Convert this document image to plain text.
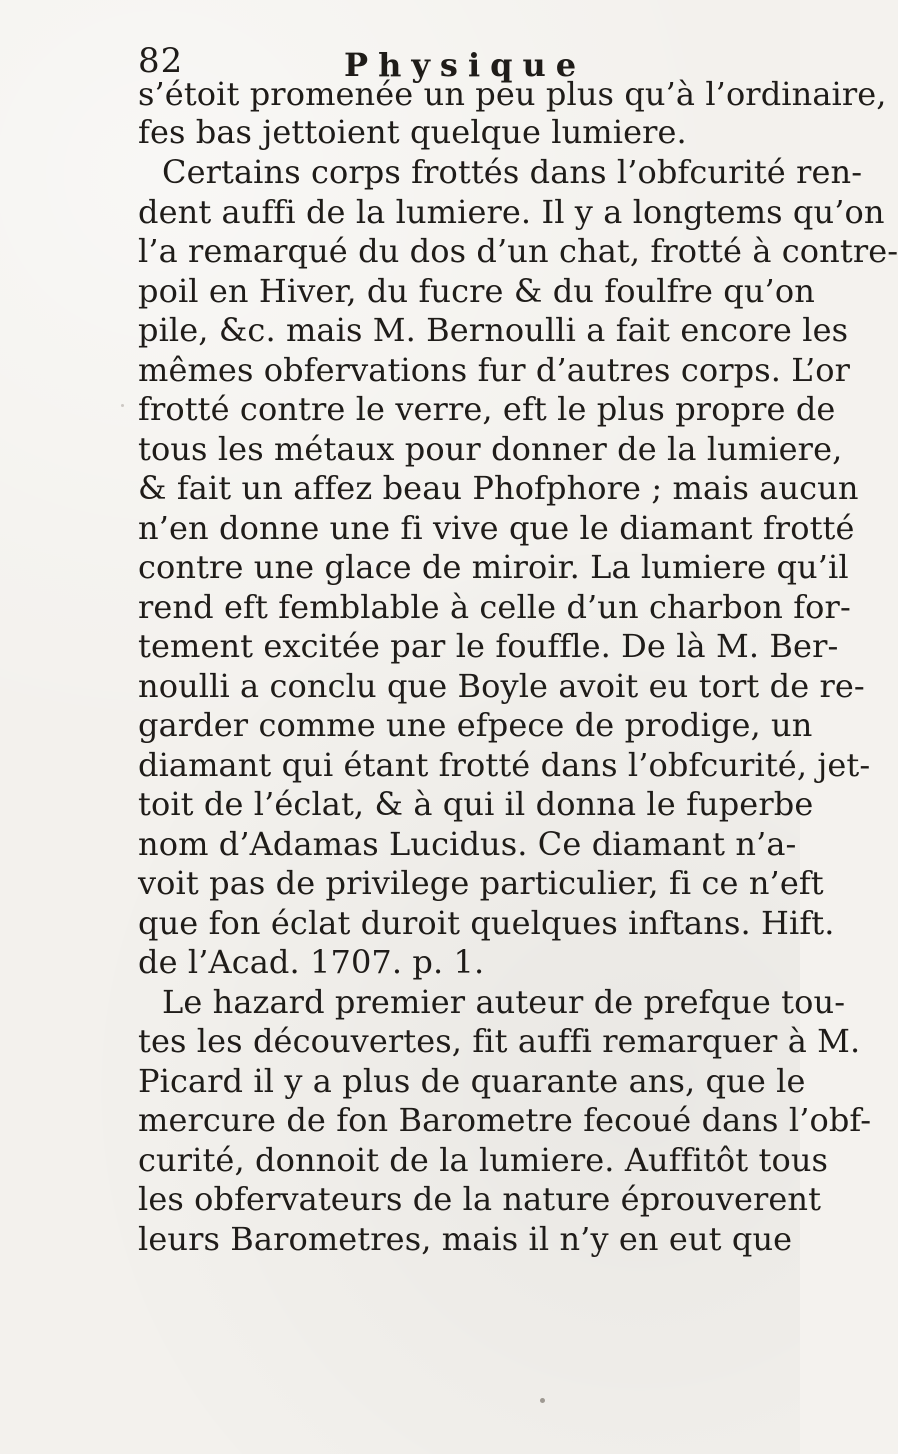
82	Physique
s’étoit promenée un peu plus qu’à l’ordinaire,
fes bas jettoient quelque lumiere.
Certains corps frottés dans l’obfcurité ren-
dent auffi de la lumiere. Il y a longtems qu’on
l’a remarqué du dos d’un chat, frotté à contre-
poil en Hiver, du fucre & du foulfre qu’on
pile, &c. mais M. Bernoulli a fait encore les
mêmes obfervations fur d’autres corps. L’or
frotté contre le verre, eft le plus propre de
tous les métaux pour donner de la lumiere,
& fait un affez beau Phofphore ; mais aucun
n’en donne une fi vive que le diamant frotté
contre une glace de miroir. La lumiere qu’il
rend eft femblable à celle d’un charbon for-
tement excitée par le fouffle. De là M. Ber-
noulli a conclu que Boyle avoit eu tort de re-
garder comme une efpece de prodige, un
diamant qui étant frotté dans l’obfcurité, jet-
toit de l’éclat, & à qui il donna le fuperbe
nom d’Adamas Lucidus. Ce diamant n’a-
voit pas de privilege particulier, fi ce n’eft
que fon éclat duroit quelques inftans. Hift.
de l’Acad. 1707. p. 1.
Le hazard premier auteur de prefque tou-
tes les découvertes, fit auffi remarquer à M.
Picard il y a plus de quarante ans, que le
mercure de fon Barometre fecoué dans l’obf-
curité, donnoit de la lumiere. Auffitôt tous
les obfervateurs de la nature éprouverent
leurs Barometres, mais il n’y en eut que
